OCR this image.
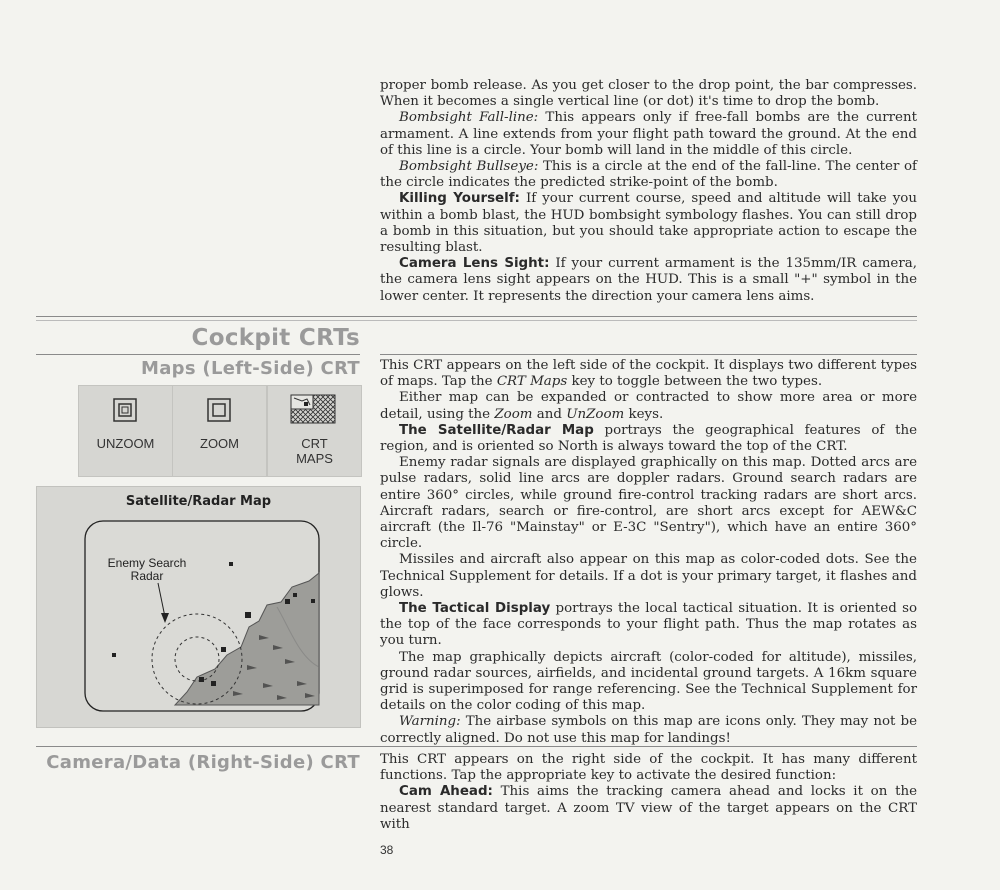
proper bomb release. As you get closer to the drop point, the bar compresses. When it becomes a single vertical line (or dot) it's time to drop the bomb.

Bombsight Fall-line: This appears only if free-fall bombs are the current armament. A line extends from your flight path toward the ground. At the end of this line is a circle. Your bomb will land in the middle of this circle.

Bombsight Bullseye: This is a circle at the end of the fall-line. The center of the circle indicates the predicted strike-point of the bomb.

Killing Yourself: If your current course, speed and altitude will take you within a bomb blast, the HUD bombsight symbology flashes. You can still drop a bomb in this situation, but you should take appropriate action to escape the resulting blast.

Camera Lens Sight: If your current armament is the 135mm/IR camera, the camera lens sight appears on the HUD. This is a small "+" symbol in the lower center. It represents the direction your camera lens aims.

Cockpit CRTs
Maps (Left-Side) CRT
Camera/Data (Right-Side) CRT
UNZOOM	ZOOM	CRT
MAPS
Satellite/Radar Map
Enemy Search
Radar

This CRT appears on the left side of the cockpit. It displays two different types of maps. Tap the CRT Maps key to toggle between the two types.

Either map can be expanded or contracted to show more area or more detail, using the Zoom and UnZoom keys.

The Satellite/Radar Map portrays the geographical features of the region, and is oriented so North is always toward the top of the CRT.

Enemy radar signals are displayed graphically on this map. Dotted arcs are pulse radars, solid line arcs are doppler radars. Ground search radars are entire 360° circles, while ground fire-control tracking radars are short arcs. Aircraft radars, search or fire-control, are short arcs except for AEW&C aircraft (the Il-76 "Mainstay" or E-3C "Sentry"), which have an entire 360° circle.

Missiles and aircraft also appear on this map as color-coded dots. See the Technical Supplement for details. If a dot is your primary target, it flashes and glows.

The Tactical Display portrays the local tactical situation. It is oriented so the top of the face corresponds to your flight path. Thus the map rotates as you turn.

The map graphically depicts aircraft (color-coded for altitude), missiles, ground radar sources, airfields, and incidental ground targets. A 16km square grid is superimposed for range referencing. See the Technical Supplement for details on the color coding of this map.

Warning: The airbase symbols on this map are icons only. They may not be correctly aligned. Do not use this map for landings!

This CRT appears on the right side of the cockpit. It has many different functions. Tap the appropriate key to activate the desired function:

Cam Ahead: This aims the tracking camera ahead and locks it on the nearest standard target. A zoom TV view of the target appears on the CRT with

38
